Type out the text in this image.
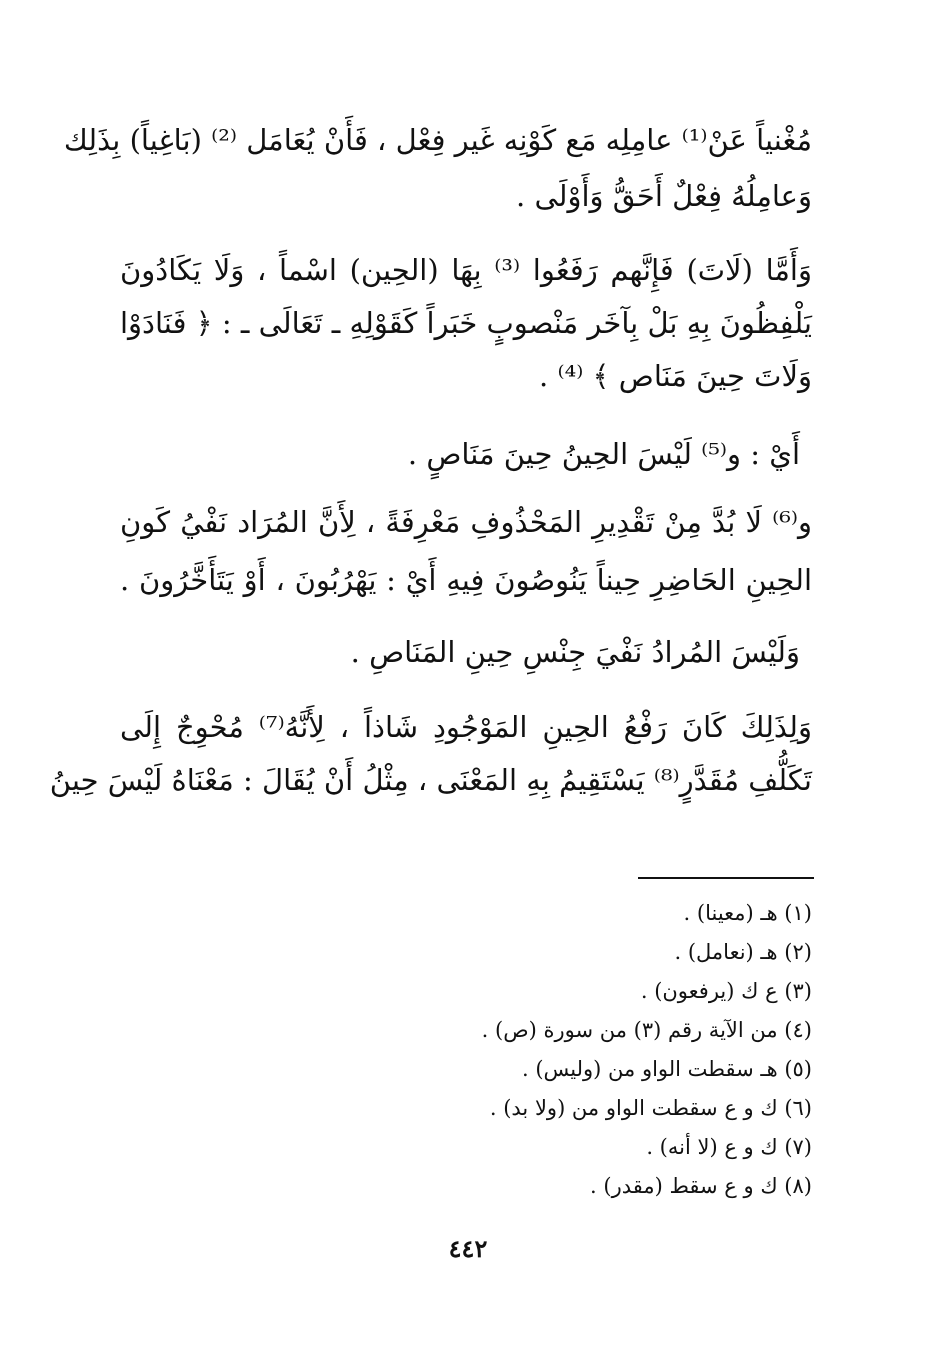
مُغْنياً عَنْ⁽¹⁾ عامِلِه مَع كَوْنِه غَير فِعْل ، فَأَنْ يُعَامَل ⁽²⁾ (بَاغِياً) بِذَلِك
وَعامِلُهُ فِعْلٌ أَحَقُّ وَأَوْلَى .
وَأَمَّا (لَاتَ) فَإِنَّهم رَفَعُوا ⁽³⁾ بِهَا (الحِين) اسْماً ، وَلَا يَكَادُونَ
يَلْفِظُونَ بِهِ بَلْ بِآخَر مَنْصوبٍ خَبَراً كَقَوْلِهِ ـ تَعَالَى ـ : ﴿ فَنَادَوْا
وَلَاتَ حِينَ مَنَاص ﴾ ⁽⁴⁾ .
أَيْ : و⁽⁵⁾ لَيْسَ الحِينُ حِينَ مَنَاصٍ .
و⁽⁶⁾ لَا بُدَّ مِنْ تَقْدِيرِ المَحْذُوفِ مَعْرِفَةً ، لِأَنَّ المُرَاد نَفْيُ كَونِ
الحِينِ الحَاضِرِ حِيناً يَنُوصُونَ فِيهِ أَيْ : يَهْرُبُونَ ، أَوْ يَتَأَخَّرُونَ .
وَلَيْسَ المُرادُ نَفْيَ جِنْسِ حِينِ المَنَاصِ .
وَلِذَلِكَ كَانَ رَفْعُ الحِينِ المَوْجُودِ شَاذاً ، لِأَنَّهُ⁽⁷⁾ مُحْوِجٌ إِلَى
تَكَلُّفِ مُقَدَّرٍ⁽⁸⁾ يَسْتَقِيمُ بِهِ المَعْنَى ، مِثْلُ أَنْ يُقَالَ : مَعْنَاهُ لَيْسَ حِينُ
(١) هـ (معينا) .
(٢) هـ (نعامل) .
(٣) ع ك (يرفعون) .
(٤) من الآية رقم (٣) من سورة (ص) .
(٥) هـ سقطت الواو من (وليس) .
(٦) ك و ع سقطت الواو من (ولا بد) .
(٧) ك و ع (لا أنه) .
(٨) ك و ع سقط (مقدر) .
٤٤٢
